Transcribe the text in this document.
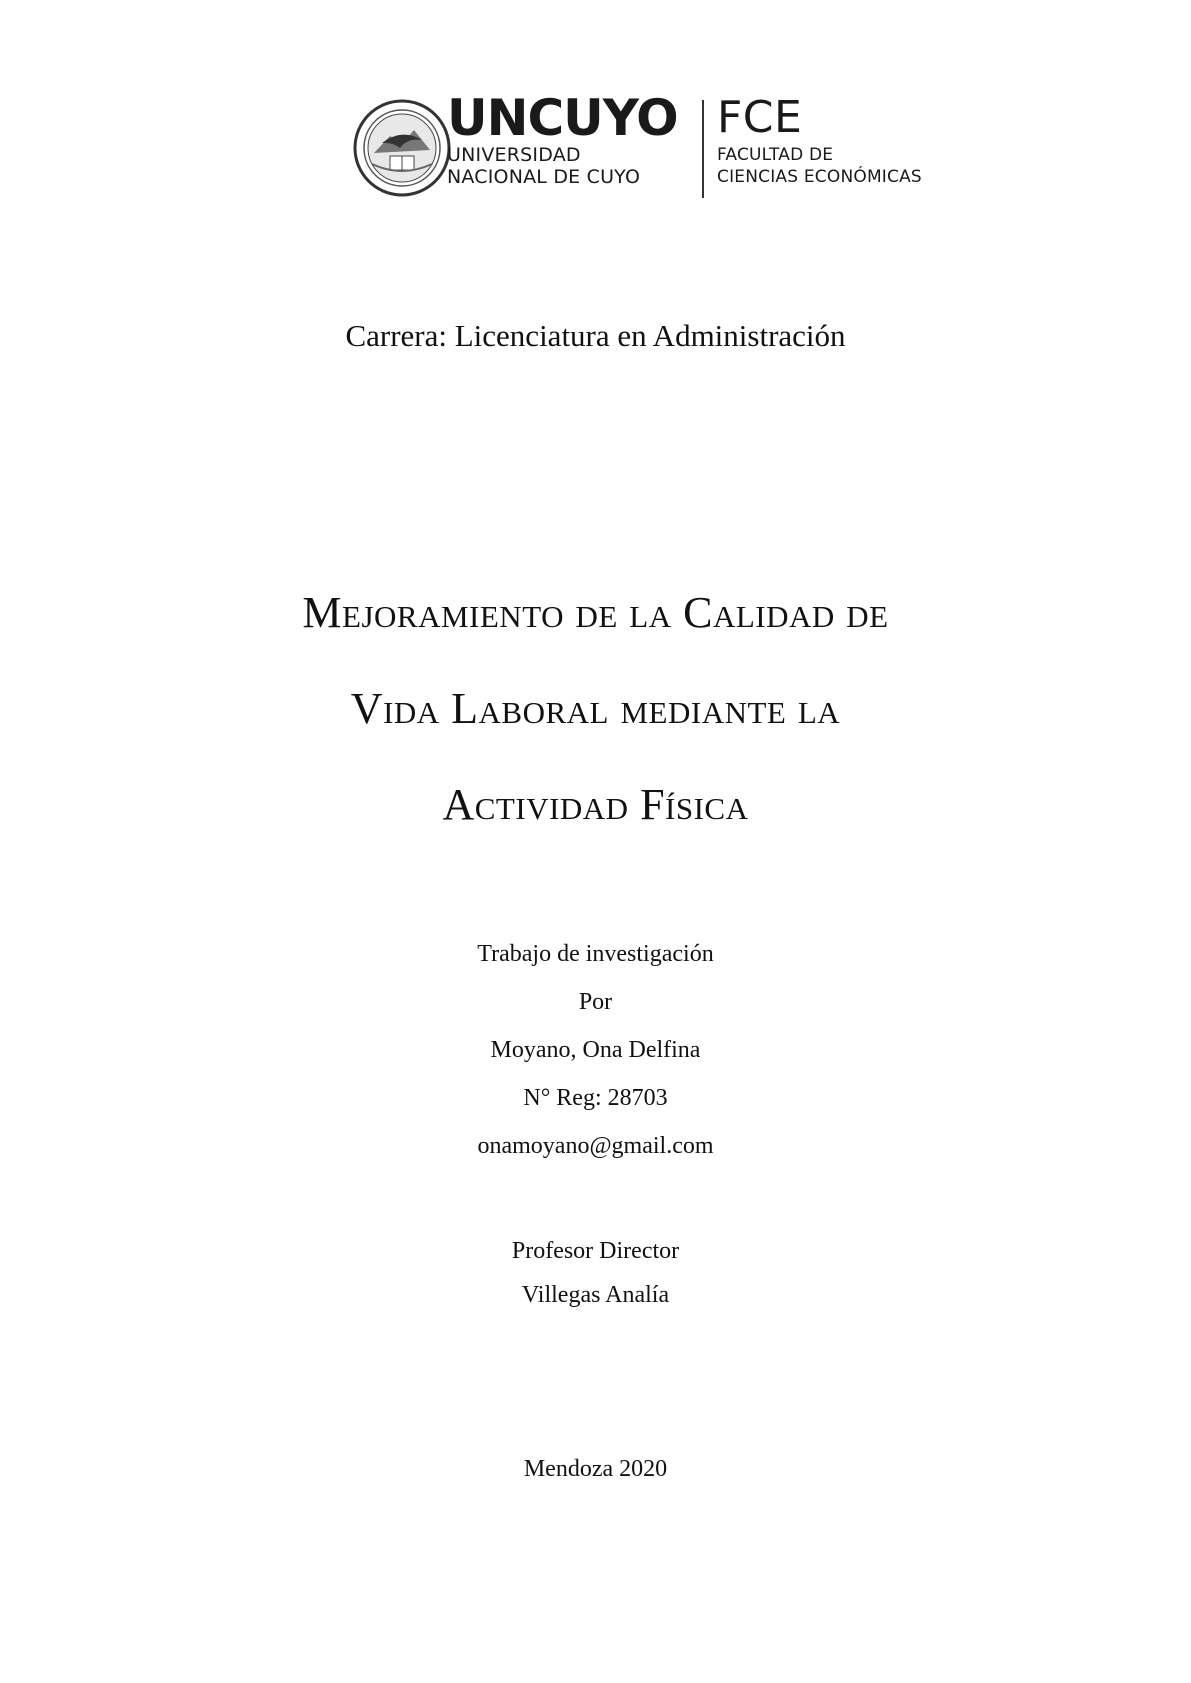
UNCUYO
UNIVERSIDAD
NACIONAL DE CUYO
FCE
FACULTAD DE
CIENCIAS ECONÓMICAS
Carrera: Licenciatura en Administración
Mejoramiento de la Calidad de
Vida Laboral mediante la
Actividad Física
Trabajo de investigación
Por
Moyano, Ona Delfina
N° Reg: 28703
onamoyano@gmail.com
Profesor Director
Villegas Analía
Mendoza 2020
